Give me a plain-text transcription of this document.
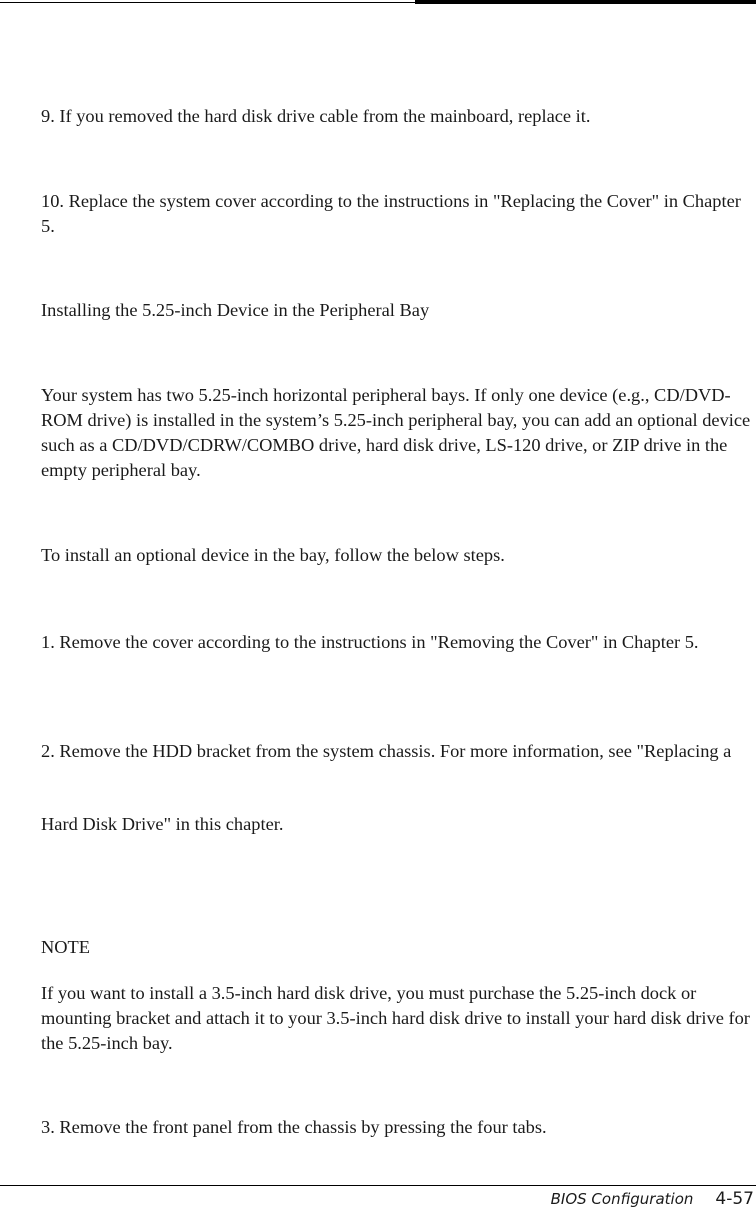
9. If you removed the hard disk drive cable from the mainboard, replace it.

10. Replace the system cover according to the instructions in "Replacing the Cover" in Chapter 5.

Installing the 5.25-inch Device in the Peripheral Bay

Your system has two 5.25-inch horizontal peripheral bays. If only one device (e.g., CD/DVD-ROM drive) is installed in the system’s 5.25-inch peripheral bay, you can add an optional device such as a CD/DVD/CDRW/COMBO drive, hard disk drive, LS-120 drive, or ZIP drive in the empty peripheral bay.

To install an optional device in the bay, follow the below steps.

1. Remove the cover according to the instructions in "Removing the Cover" in Chapter 5.

2. Remove the HDD bracket from the system chassis. For more information, see "Replacing a

Hard Disk Drive" in this chapter.

NOTE

If you want to install a 3.5-inch hard disk drive, you must purchase the 5.25-inch dock or mounting bracket and attach it to your 3.5-inch hard disk drive to install your hard disk drive for the 5.25-inch bay.

3. Remove the front panel from the chassis by pressing the four tabs.

BIOS Configuration 4-57
